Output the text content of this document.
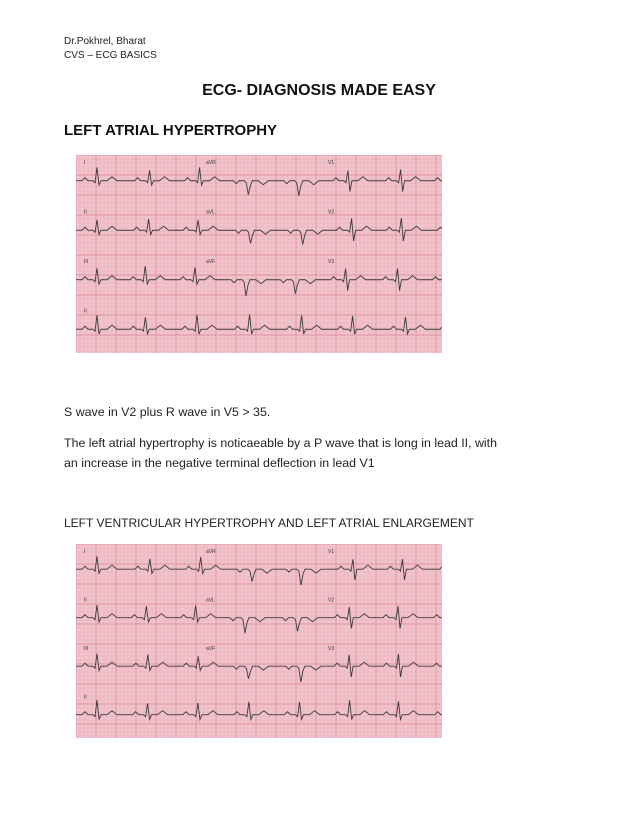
Dr.Pokhrel, Bharat
CVS – ECG BASICS
ECG- DIAGNOSIS MADE EASY
LEFT ATRIAL HYPERTROPHY
I	aVR	V1
II	aVL	V2
III	aVF	V3
II

S wave in V2 plus R wave in V5 > 35.

The left atrial hypertrophy is noticaeable by a P wave that is long in lead II, with

an increase in the negative terminal deflection in lead V1

LEFT VENTRICULAR HYPERTROPHY AND LEFT ATRIAL ENLARGEMENT
I	aVR	V1
II	aVL	V2
III	aVF	V3
II
